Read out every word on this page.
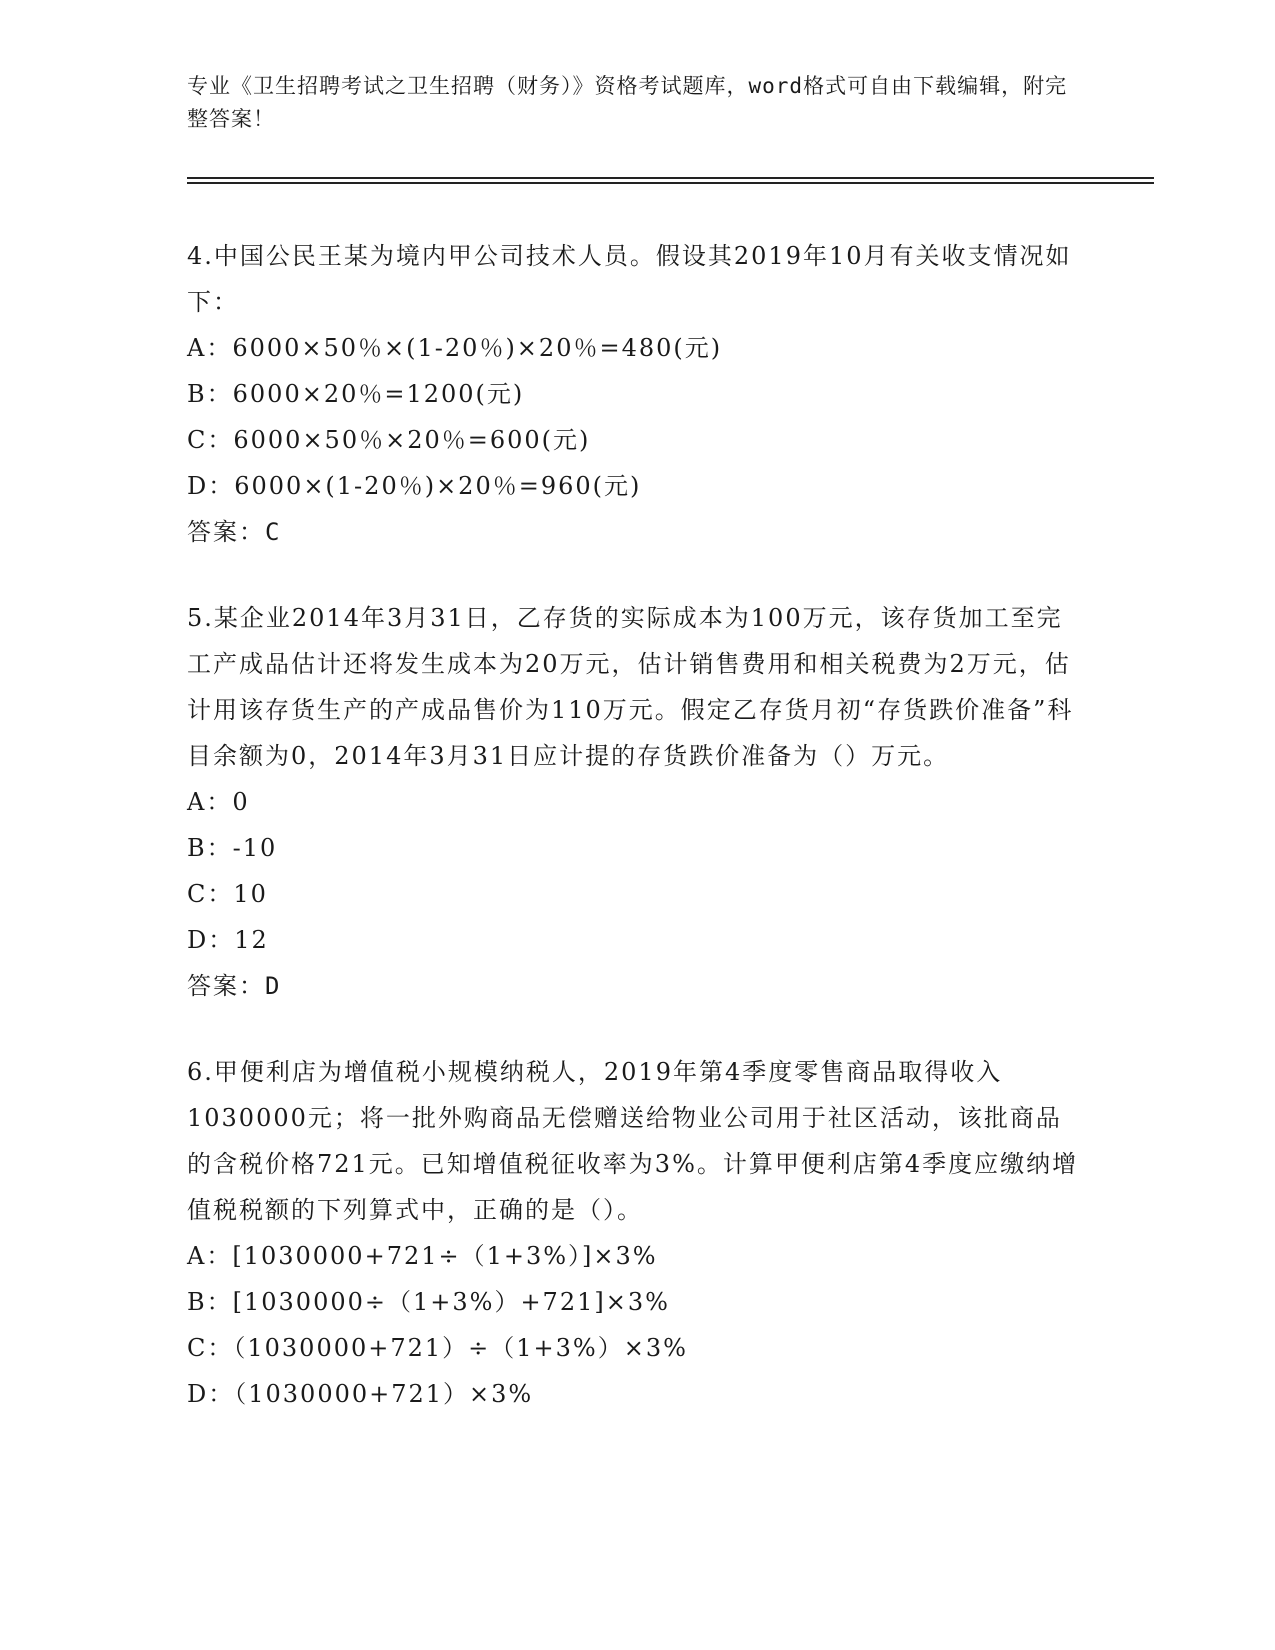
专业《卫生招聘考试之卫生招聘（财务）》资格考试题库，word格式可自由下载编辑，附完整答案！

4.中国公民王某为境内甲公司技术人员。假设其2019年10月有关收支情况如下：

A：6000×50％×(1-20％)×20％=480(元)

B：6000×20％=1200(元)

C：6000×50％×20％=600(元)

D：6000×(1-20％)×20％=960(元)

答案：C

5.某企业2014年3月31日，乙存货的实际成本为100万元，该存货加工至完工产成品估计还将发生成本为20万元，估计销售费用和相关税费为2万元，估计用该存货生产的产成品售价为110万元。假定乙存货月初“存货跌价准备”科目余额为0，2014年3月31日应计提的存货跌价准备为（）万元。

A：0

B：-10

C：10

D：12

答案：D

6.甲便利店为增值税小规模纳税人，2019年第4季度零售商品取得收入1030000元；将一批外购商品无偿赠送给物业公司用于社区活动，该批商品的含税价格721元。已知增值税征收率为3%。计算甲便利店第4季度应缴纳增值税税额的下列算式中，正确的是（）。

A：[1030000+721÷（1+3%）]×3%

B：[1030000÷（1+3%）+721]×3%

C：（1030000+721）÷（1+3%）×3%

D：（1030000+721）×3%
